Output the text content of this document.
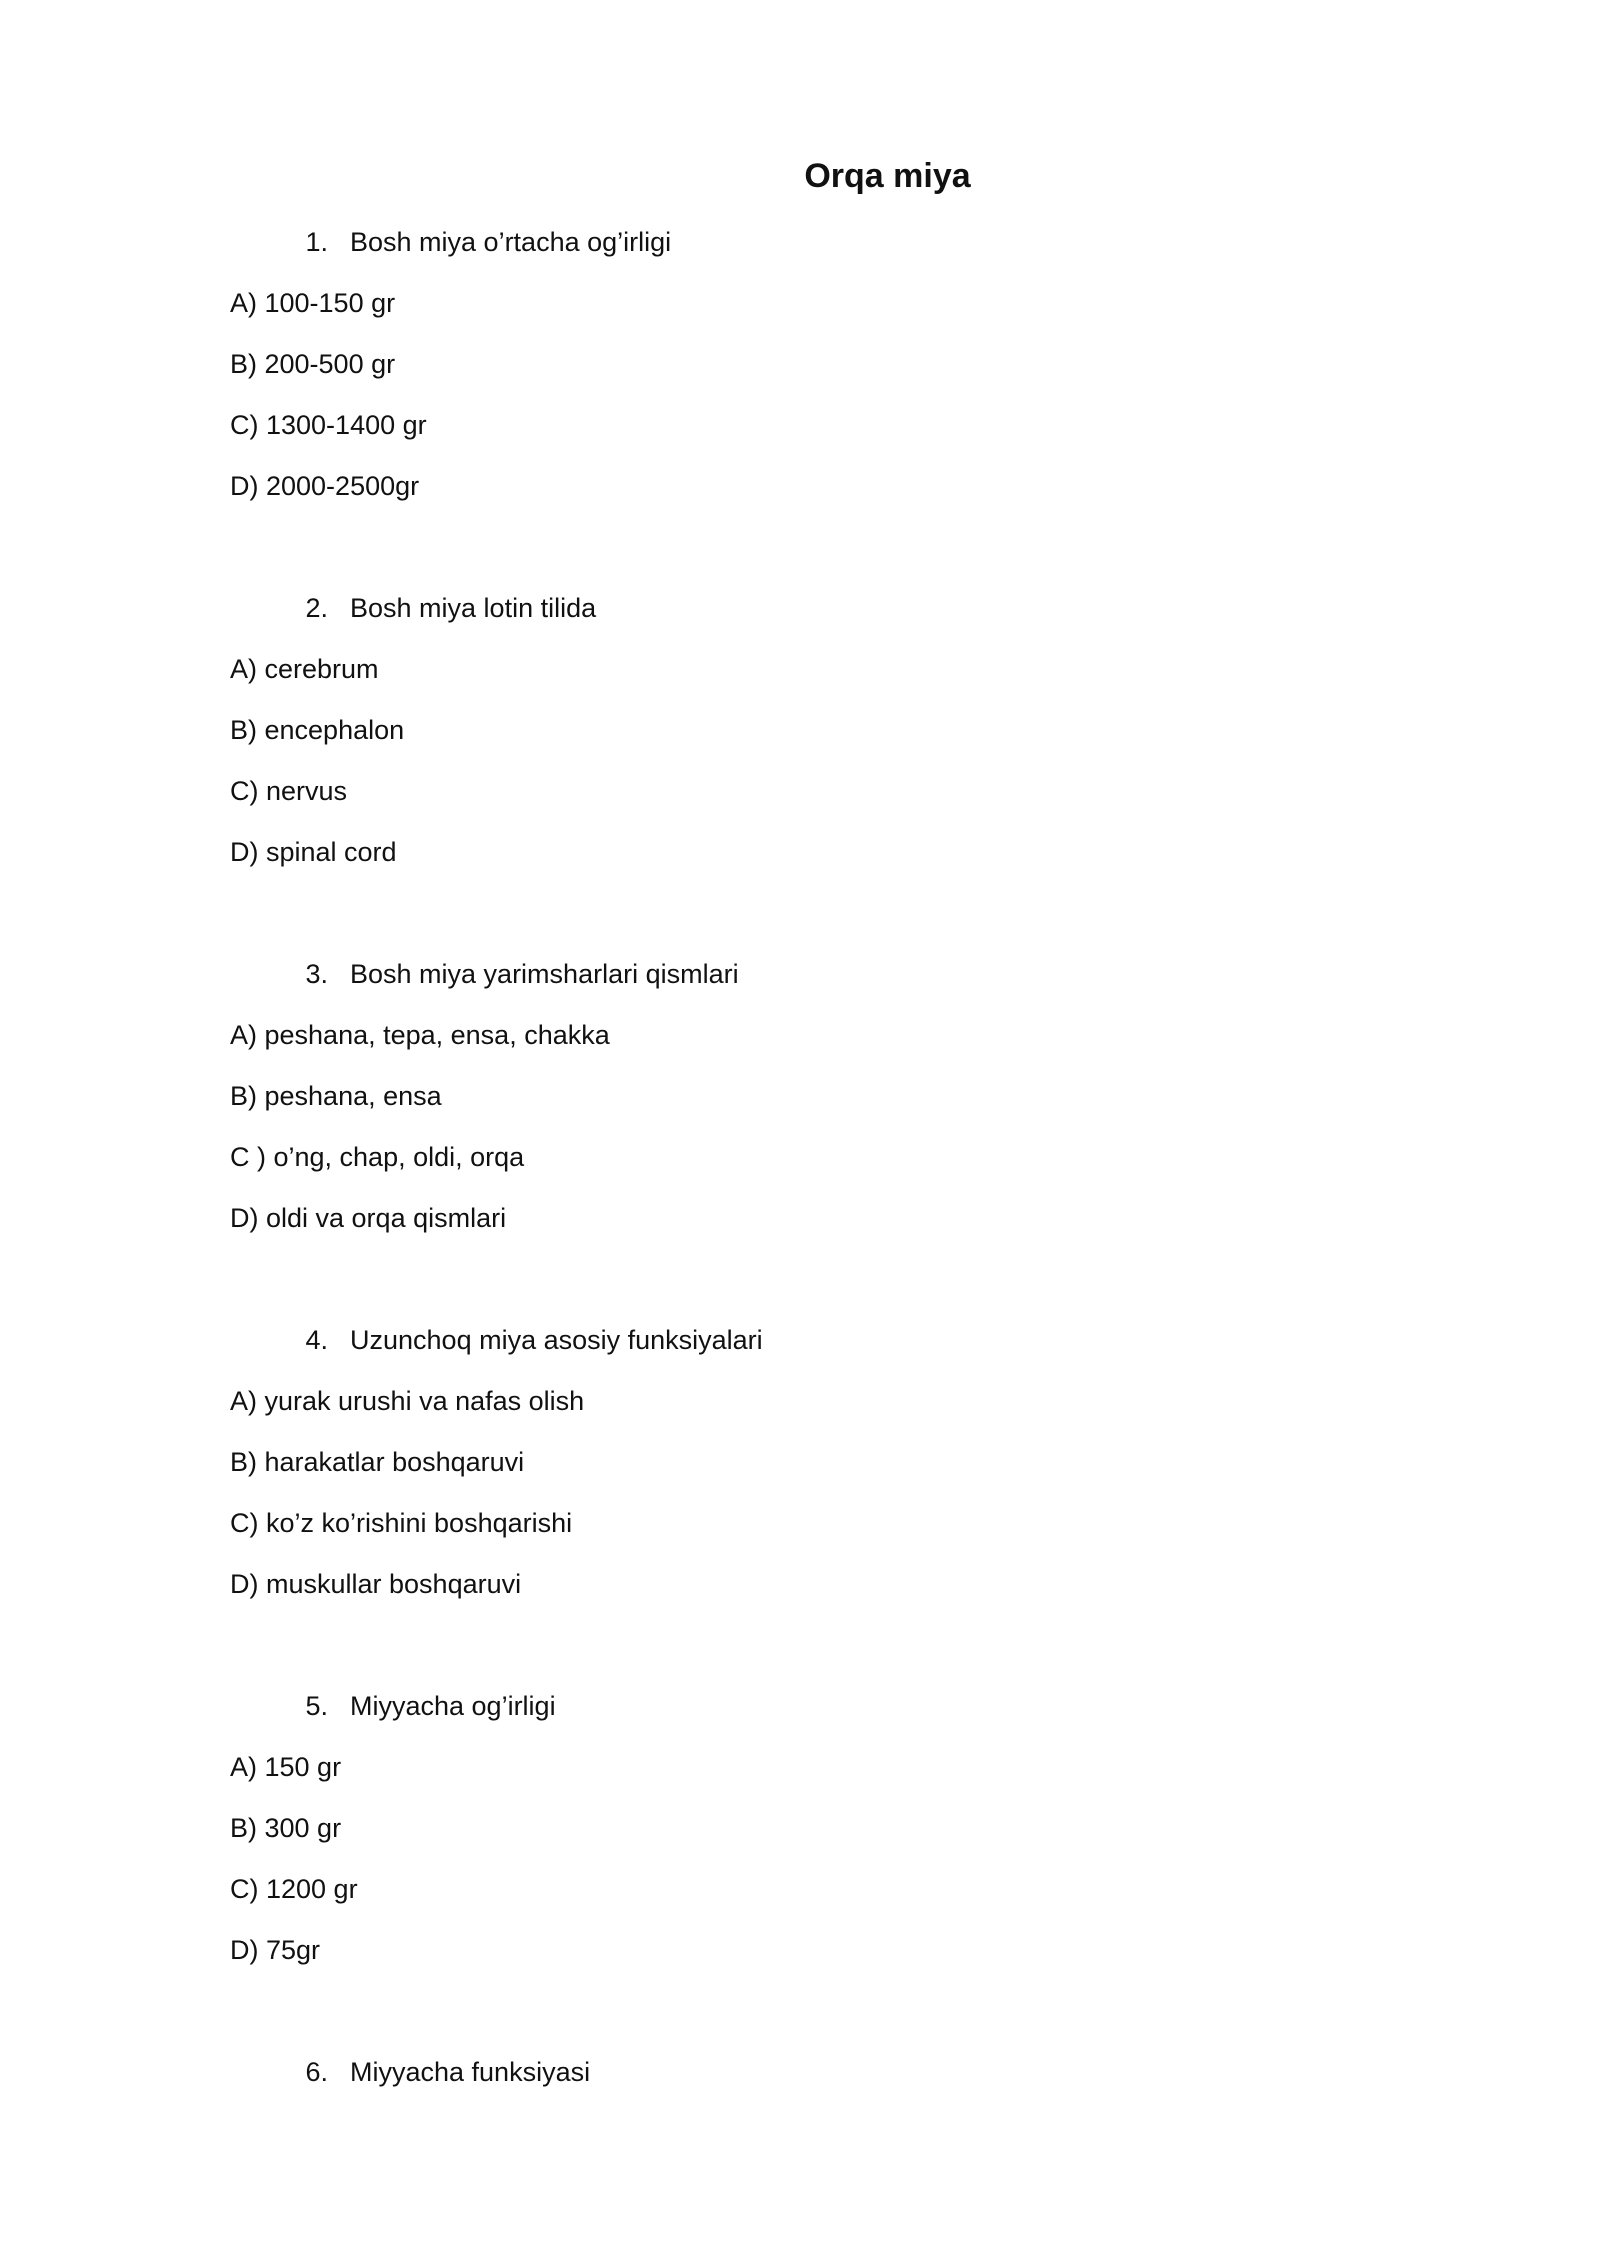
Orqa miya
1. Bosh miya o’rtacha og’irligi
A) 100-150 gr
B) 200-500 gr
C) 1300-1400 gr
D) 2000-2500gr
2. Bosh miya lotin tilida
A) cerebrum
B) encephalon
C) nervus
D) spinal cord
3. Bosh miya yarimsharlari qismlari
A) peshana, tepa, ensa, chakka
B) peshana, ensa
C ) o’ng, chap, oldi, orqa
D) oldi va orqa qismlari
4. Uzunchoq miya asosiy funksiyalari
A) yurak urushi va nafas olish
B) harakatlar boshqaruvi
C) ko’z ko’rishini boshqarishi
D) muskullar boshqaruvi
5. Miyyacha og’irligi
A) 150 gr
B) 300 gr
C) 1200 gr
D) 75gr
6. Miyyacha funksiyasi
